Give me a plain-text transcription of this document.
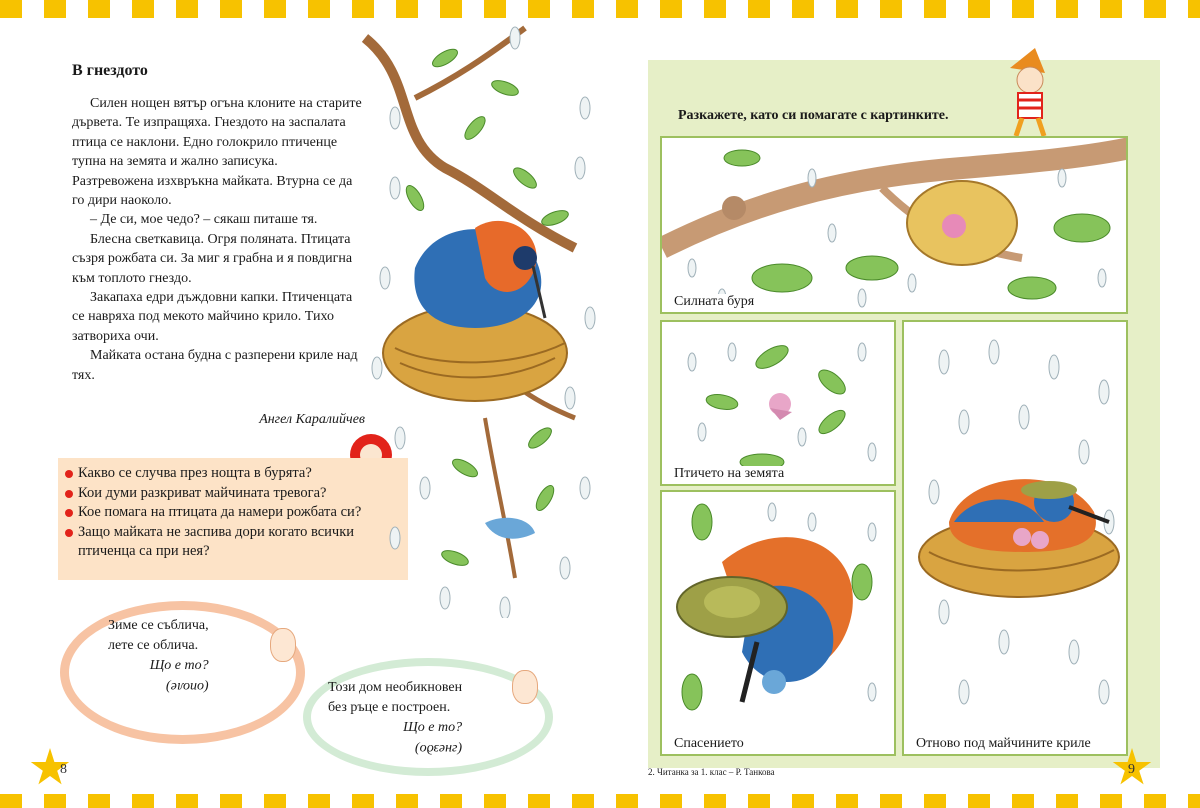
В гнездото

Силен нощен вятър огъна клоните на старите дървета. Те изпращяха. Гнездото на заспалата птица се наклони. Едно голокрило птиченце тупна на земята и жално записука. Разтревожена изхвръкна майката. Втурна се да го дири наоколо.

– Де си, мое чедо? – сякаш питаше тя.

Блесна светкавица. Огря поляната. Птицата съзря рожбата си. За миг я грабна и я повдигна към топлото гнездо.

Закапаха едри дъждовни капки. Птиченцата се навряха под мекото майчино крило. Тихо затвориха очи.

Майката остана будна с разперени криле над тях.

Ангел Каралийчев
Какво се случва през нощта в бурята?
Кои думи разкриват майчината тревога?
Кое помага на птицата да намери рожбата си?
Защо майката не заспива дори когато всички птиченца са при нея?
Зиме се съблича,
лете се облича.
Що е то?
(ополе)	Този дом необикновен
без ръце е построен.
Що е то?
(гнездо)
8
Разкажете, като си помагате с картинките.
Силната буря
Птичето на земята
Спасението	Отново под майчините криле
2. Читанка за 1. клас – Р. Танкова	9
